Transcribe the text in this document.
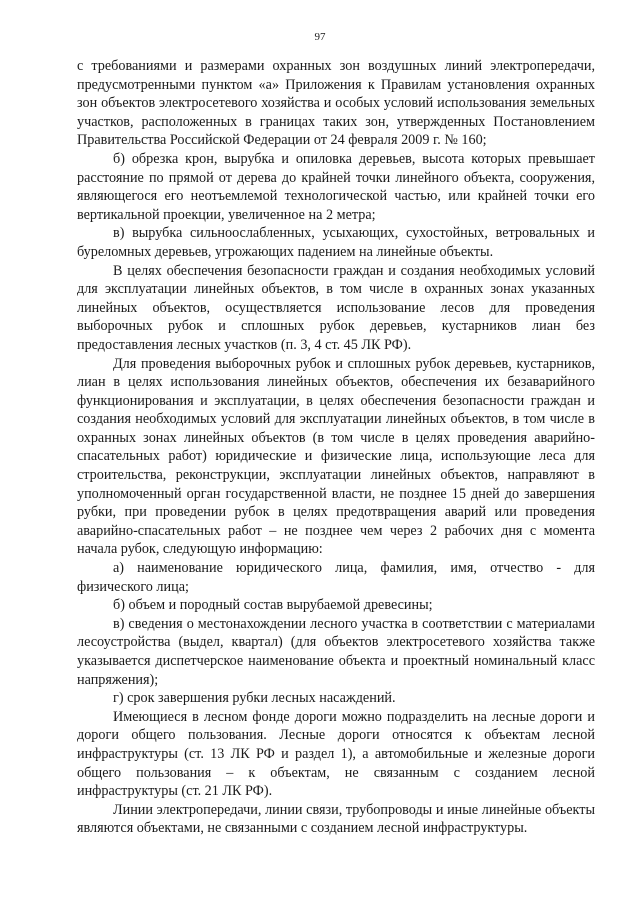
97

с требованиями и размерами охранных зон воздушных линий электропередачи, предусмотренными пунктом «а» Приложения к Правилам установления охранных зон объектов электросетевого хозяйства и особых условий использования земельных участков, расположенных в границах таких зон, утвержденных Постановлением Правительства Российской Федерации от 24 февраля 2009 г. № 160;

б) обрезка крон, вырубка и опиловка деревьев, высота которых превышает расстояние по прямой от дерева до крайней точки линейного объекта, сооружения, являющегося его неотъемлемой технологической частью, или крайней точки его вертикальной проекции, увеличенное на 2 метра;

в) вырубка сильноослабленных, усыхающих, сухостойных, ветровальных и буреломных деревьев, угрожающих падением на линейные объекты.

В целях обеспечения безопасности граждан и создания необходимых условий для эксплуатации линейных объектов, в том числе в охранных зонах указанных линейных объектов, осуществляется использование лесов для проведения выборочных рубок и сплошных рубок деревьев, кустарников лиан без предоставления лесных участков (п. 3, 4 ст. 45 ЛК РФ).

Для проведения выборочных рубок и сплошных рубок деревьев, кустарников, лиан в целях использования линейных объектов, обеспечения их безаварийного функционирования и эксплуатации, в целях обеспечения безопасности граждан и создания необходимых условий для эксплуатации линейных объектов, в том числе в охранных зонах линейных объектов (в том числе в целях проведения аварийно-спасательных работ) юридические и физические лица, использующие леса для строительства, реконструкции, эксплуатации линейных объектов, направляют в уполномоченный орган государственной власти, не позднее 15 дней до завершения рубки, при проведении рубок в целях предотвращения аварий или проведения аварийно-спасательных работ – не позднее чем через 2 рабочих дня с момента начала рубок, следующую информацию:

а) наименование юридического лица, фамилия, имя, отчество - для физического лица;

б) объем и породный состав вырубаемой древесины;

в) сведения о местонахождении лесного участка в соответствии с материалами лесоустройства (выдел, квартал) (для объектов электросетевого хозяйства также указывается диспетчерское наименование объекта и проектный номинальный класс напряжения);

г) срок завершения рубки лесных насаждений.

Имеющиеся в лесном фонде дороги можно подразделить на лесные дороги и дороги общего пользования. Лесные дороги относятся к объектам лесной инфраструктуры (ст. 13 ЛК РФ и раздел 1), а автомобильные и железные дороги общего пользования – к объектам, не связанным с созданием лесной инфраструктуры (ст. 21 ЛК РФ).

Линии электропередачи, линии связи, трубопроводы и иные линейные объекты являются объектами, не связанными с созданием лесной инфраструктуры.
